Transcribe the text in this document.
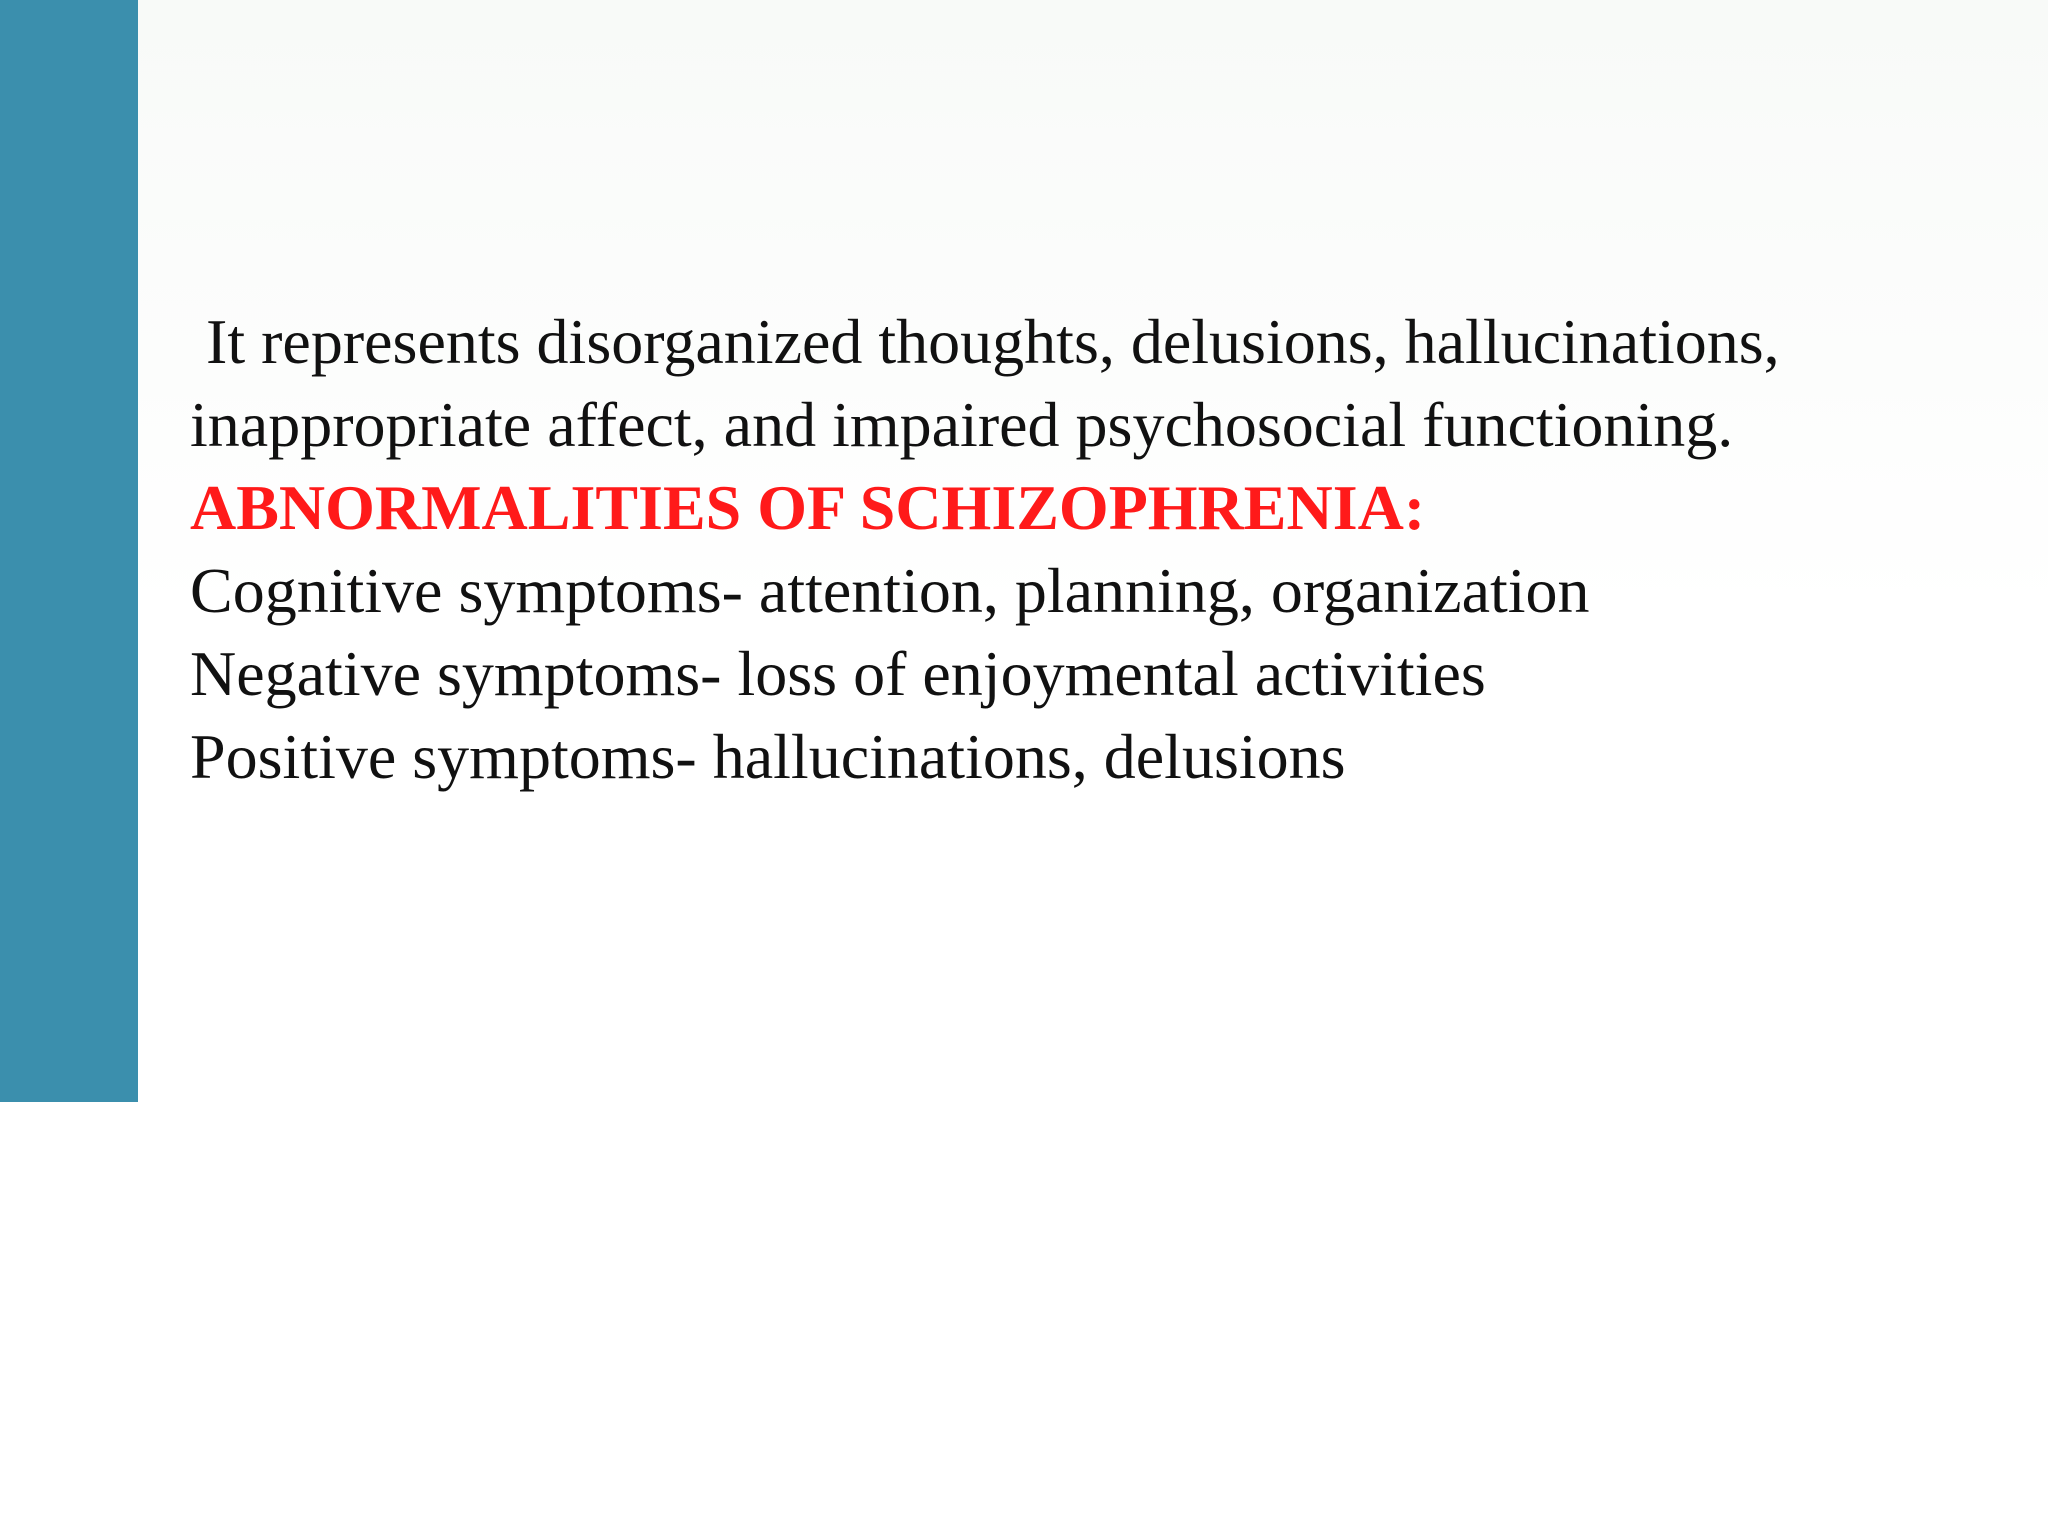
It represents disorganized thoughts, delusions, hallucinations,
inappropriate affect, and impaired psychosocial functioning.
ABNORMALITIES OF SCHIZOPHRENIA:
Cognitive symptoms- attention, planning, organization
Negative symptoms- loss of enjoymental activities
Positive symptoms- hallucinations, delusions
